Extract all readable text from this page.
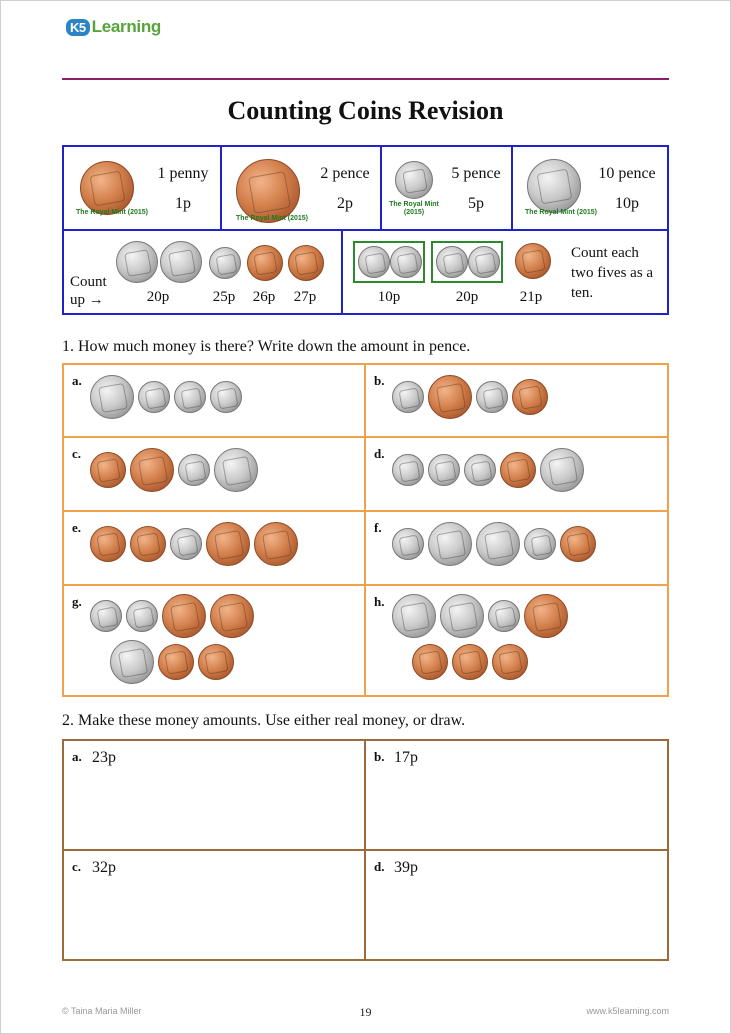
K5 Learning
Counting Coins Revision
The Royal Mint (2015)
1 penny
1p
The Royal Mint (2015)
2 pence
2p	The Royal Mint (2015)
5 pence
5p
The Royal Mint (2015)
10 pence
10p
Count up →	20p	25p	26p	27p	10p	20p	21p
Count each two fives as a ten.
1. How much money is there? Write down the amount in pence.
a.	b.
c.	d.
e.	f.
g.	h.
2. Make these money amounts. Use either real money, or draw.
a. 23p	b. 17p
c. 32p	d. 39p
© Taina Maria Miller	19	www.k5learning.com
